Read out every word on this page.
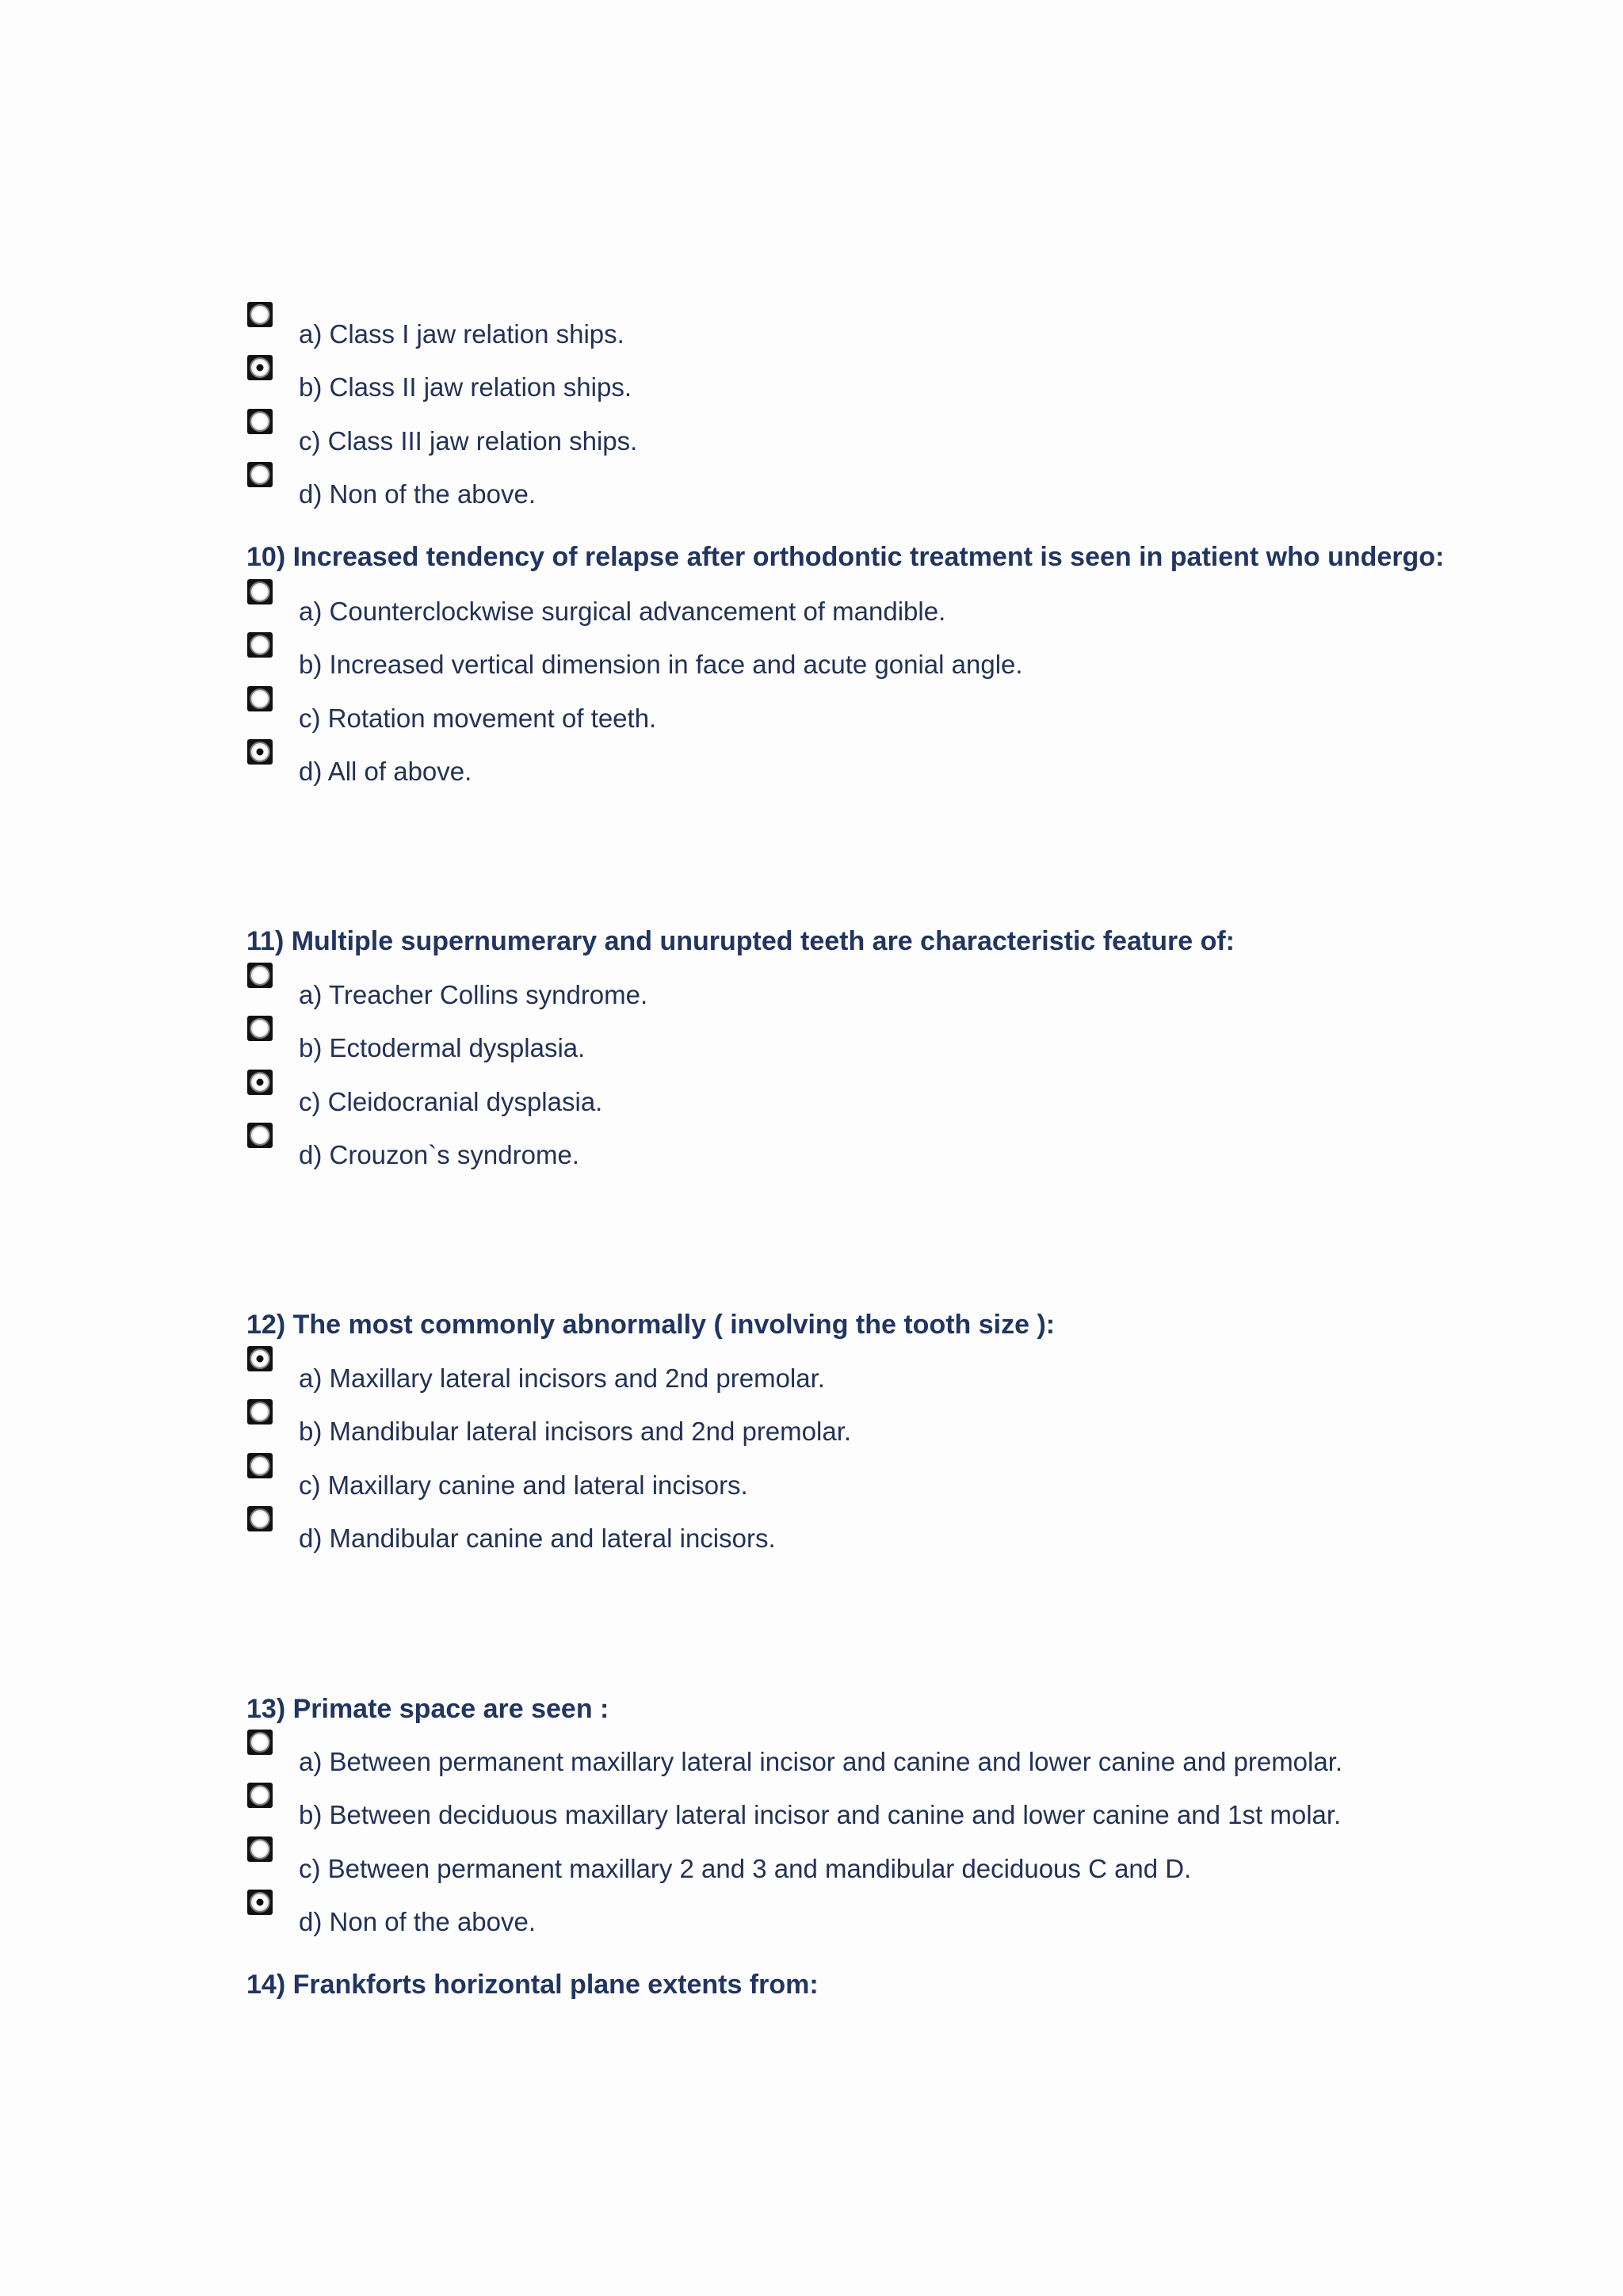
a) Class I jaw relation ships.
b) Class II jaw relation ships.
c) Class III jaw relation ships.
d) Non of the above.
10) Increased tendency of relapse after orthodontic treatment is seen in patient who undergo:
a) Counterclockwise surgical advancement of mandible.
b) Increased vertical dimension in face and acute gonial angle.
c) Rotation movement of teeth.
d) All of above.
11) Multiple supernumerary and unurupted teeth are characteristic feature of:
a) Treacher Collins syndrome.
b) Ectodermal dysplasia.
c) Cleidocranial dysplasia.
d) Crouzon`s syndrome.
12) The most commonly abnormally ( involving the tooth size ):
a) Maxillary lateral incisors and 2nd premolar.
b) Mandibular lateral incisors and 2nd premolar.
c) Maxillary canine and lateral incisors.
d) Mandibular canine and lateral incisors.
13) Primate space are seen :
a) Between permanent maxillary lateral incisor and canine and lower canine and premolar.
b) Between deciduous maxillary lateral incisor and canine and lower canine and 1st molar.
c) Between permanent maxillary 2 and 3 and mandibular deciduous C and D.
d) Non of the above.
14) Frankforts horizontal plane extents from:
